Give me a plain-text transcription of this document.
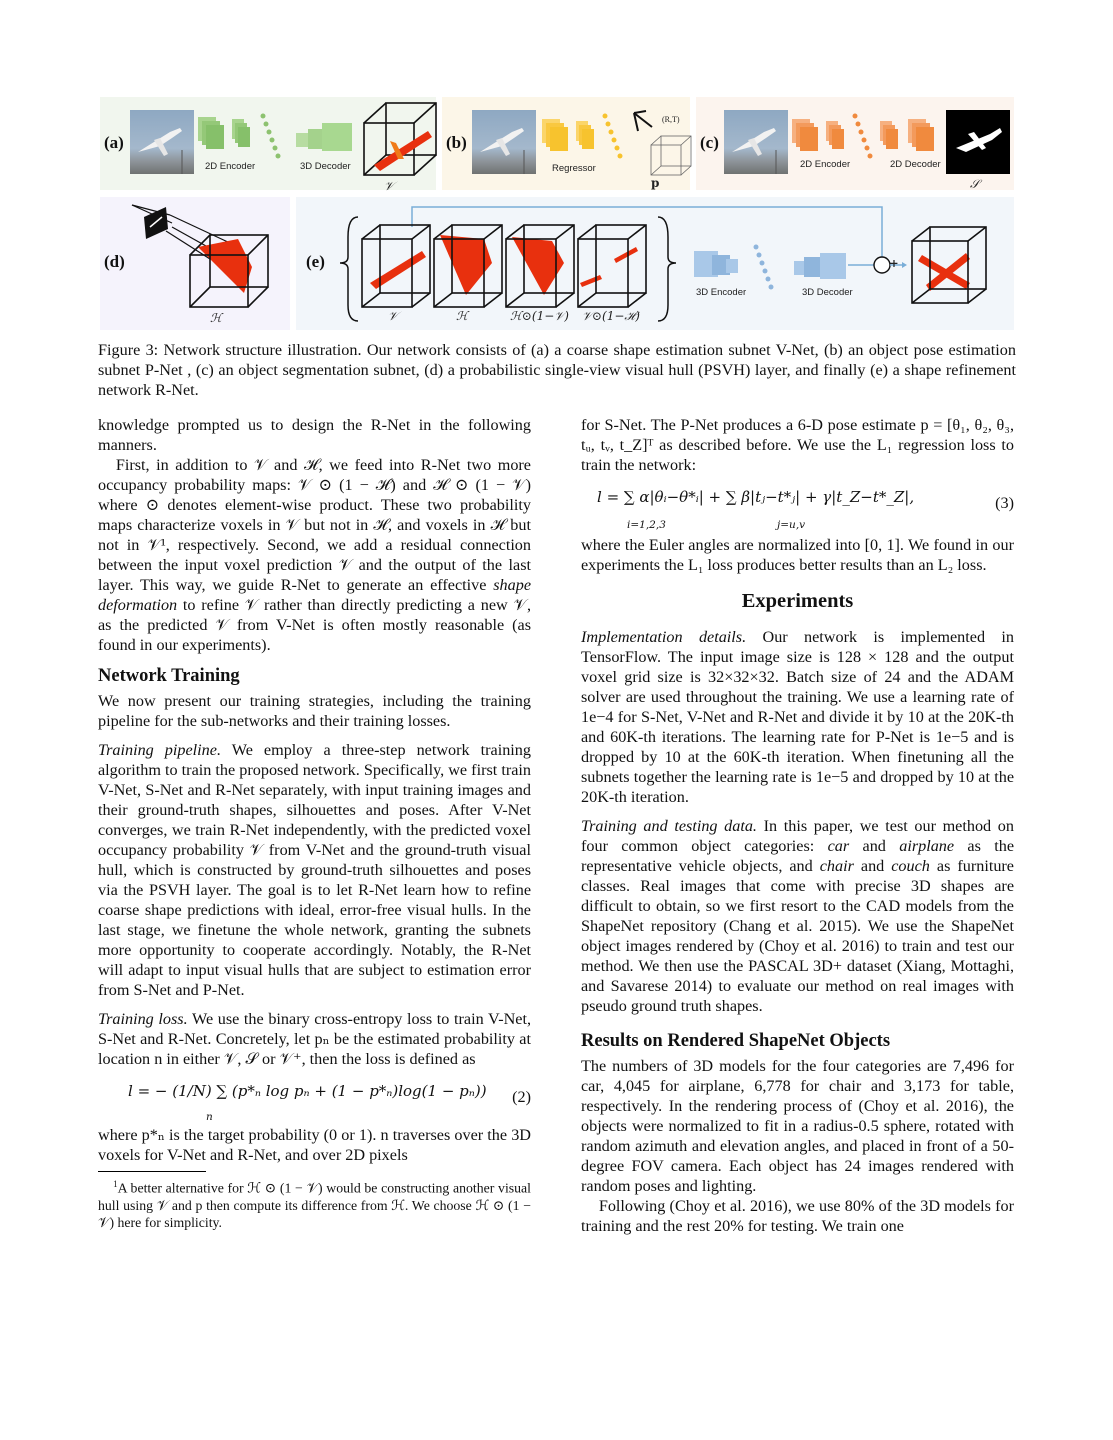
(a)
2D Encoder	3D Decoder
𝒱
(b)
Regressor
(R,T)
p
(c)
2D Encoder	2D Decoder
𝒮
(d)
ℋ
(e)	+
𝒱	ℋ	ℋ⊙(1−𝒱) 𝒱⊙(1−ℋ)
3D Encoder	3D Decoder

Figure 3: Network structure illustration. Our network consists of (a) a coarse shape estimation subnet V-Net, (b) an object pose estimation subnet P-Net , (c) an object segmentation subnet, (d) a probabilistic single-view visual hull (PSVH) layer, and finally (e) a shape refinement network R-Net.

knowledge prompted us to design the R-Net in the following manners.

First, in addition to 𝒱 and ℋ, we feed into R-Net two more occupancy probability maps: 𝒱 ⊙ (1 − ℋ) and ℋ ⊙ (1 − 𝒱) where ⊙ denotes element-wise product. These two probability maps characterize voxels in 𝒱 but not in ℋ, and voxels in ℋ but not in 𝒱¹, respectively. Second, we add a residual connection between the input voxel prediction 𝒱 and the output of the last layer. This way, we guide R-Net to generate an effective shape deformation to refine 𝒱 rather than directly predicting a new 𝒱, as the predicted 𝒱 from V-Net is often mostly reasonable (as found in our experiments).

Network Training

We now present our training strategies, including the training pipeline for the sub-networks and their training losses.

Training pipeline. We employ a three-step network training algorithm to train the proposed network. Specifically, we first train V-Net, S-Net and R-Net separately, with input training images and their ground-truth shapes, silhouettes and poses. After V-Net converges, we train R-Net independently, with the predicted voxel occupancy probability 𝒱 from V-Net and the ground-truth visual hull, which is constructed by ground-truth silhouettes and poses via the PSVH layer. The goal is to let R-Net learn how to refine coarse shape predictions with ideal, error-free visual hulls. In the last stage, we finetune the whole network, granting the subnets more opportunity to cooperate accordingly. Notably, the R-Net will adapt to input visual hulls that are subject to estimation error from S-Net and P-Net.

Training loss. We use the binary cross-entropy loss to train V-Net, S-Net and R-Net. Concretely, let pₙ be the estimated probability at location n in either 𝒱, 𝒮 or 𝒱⁺, then the loss is defined as

l = − (1/N) ∑ (p*ₙ log pₙ + (1 − p*ₙ)log(1 − pₙ))
n
(2)

where p*ₙ is the target probability (0 or 1). n traverses over the 3D voxels for V-Net and R-Net, and over 2D pixels

$^1$A better alternative for ℋ ⊙ (1 − 𝒱) would be constructing another visual hull using 𝒱 and p then compute its difference from ℋ. We choose ℋ ⊙ (1 − 𝒱) here for simplicity.

for S-Net. The P-Net produces a 6-D pose estimate p = [θ₁, θ₂, θ₃, tᵤ, tᵥ, t_Z]ᵀ as described before. We use the L₁ regression loss to train the network:

l = ∑ α|θᵢ−θ*ᵢ| + ∑ β|tⱼ−t*ⱼ| + γ|t_Z−t*_Z|,
i=1,2,3	j=u,v
(3)

where the Euler angles are normalized into [0, 1]. We found in our experiments the L₁ loss produces better results than an L₂ loss.

Experiments

Implementation details. Our network is implemented in TensorFlow. The input image size is 128 × 128 and the output voxel grid size is 32×32×32. Batch size of 24 and the ADAM solver are used throughout the training. We use a learning rate of 1e−4 for S-Net, V-Net and R-Net and divide it by 10 at the 20K-th and 60K-th iterations. The learning rate for P-Net is 1e−5 and is dropped by 10 at the 60K-th iteration. When finetuning all the subnets together the learning rate is 1e−5 and dropped by 10 at the 20K-th iteration.

Training and testing data. In this paper, we test our method on four common object categories: car and airplane as the representative vehicle objects, and chair and couch as furniture classes. Real images that come with precise 3D shapes are difficult to obtain, so we first resort to the CAD models from the ShapeNet repository (Chang et al. 2015). We use the ShapeNet object images rendered by (Choy et al. 2016) to train and test our method. We then use the PASCAL 3D+ dataset (Xiang, Mottaghi, and Savarese 2014) to evaluate our method on real images with pseudo ground truth shapes.

Results on Rendered ShapeNet Objects

The numbers of 3D models for the four categories are 7,496 for car, 4,045 for airplane, 6,778 for chair and 3,173 for table, respectively. In the rendering process of (Choy et al. 2016), the objects were normalized to fit in a radius-0.5 sphere, rotated with random azimuth and elevation angles, and placed in front of a 50-degree FOV camera. Each object has 24 images rendered with random poses and lighting.

Following (Choy et al. 2016), we use 80% of the 3D models for training and the rest 20% for testing. We train one
